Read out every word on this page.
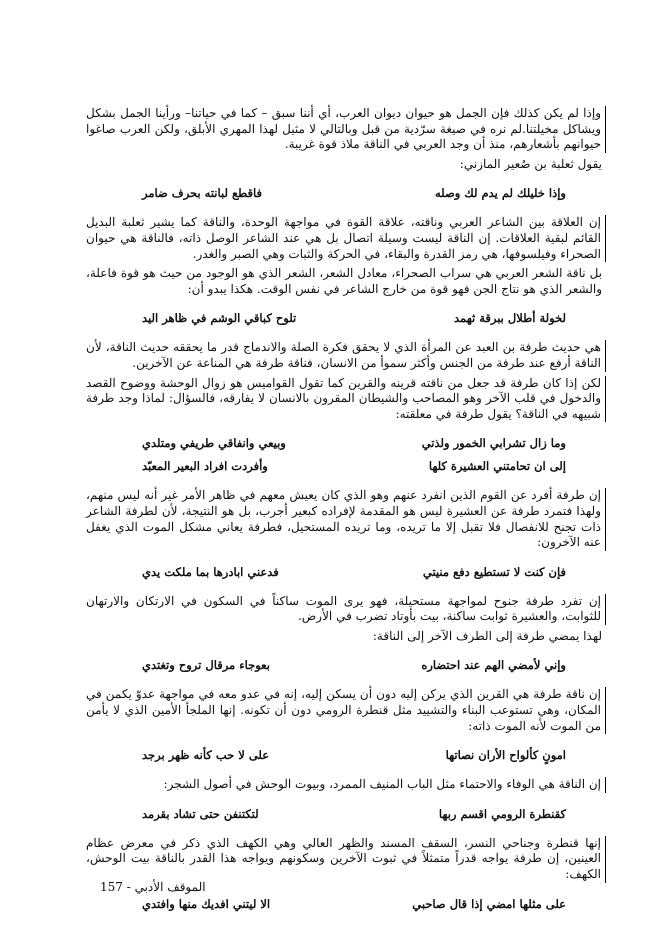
وإذا لم يكن كذلك فإن الجمل هو حيوان ديوان العرب، أي أننا سبق – كما في حياتنا– ورأينا الجمل بشكل ويشاكل مخيلتنا.لم نره في صيغة سرّدية من قبل وبالتالي لا مثيل لهذا المهري الأبلق، ولكن العرب صاغوا حيوانهم بأشعارهم، منذ أن وجد العربي في الناقة ملاذ قوة غريبة.

يقول ثعلبة بن صُعير المازني:

وإذا خليلك لم يدم لك وصله
فاقطع لبانته بحرف ضامر

إن العلاقة بين الشاعر العربي وناقته، علاقة القوة في مواجهة الوحدة، والناقة كما يشير ثعلبة البديل القائم لبقية العلاقات. إن الناقة ليست وسيلة اتصال بل هي عند الشاعر الوصل ذاته، فالناقة هي حيوان الصحراء وفيلسوفها، هي رمز القدرة والبقاء، في الحركة والثبات وهي الصبر والغدر.

بل ناقة الشعر العربي هي سراب الصحراء، معادل الشعر، الشعر الذي هو الوجود من حيث هو قوة فاعلة، والشعر الذي هو نتاج الجن فهو قوة من خارج الشاعر في نفس الوقت. هكذا يبدو أن:

لخولة أطلال ببرقة ثهمد
تلوح كباقي الوشم في ظاهر اليد

هي حديث طرفة بن العبد عن المرأة الذي لا يحقق فكرة الصلة والاندماج قدر ما يحققه حديث الناقة، لأن الناقة أرفع عند طرفة من الجنس وأكثر سموأ من الانسان، فناقة طرفة هي المناعة عن الآخرين.

لكن إذا كان طرفة قد جعل من ناقته قرينه والقرين كما تقول القواميس هو زوال الوحشة ووضوح القصد والدخول في قلب الآخر وهو المصاحب والشيطان المقرون بالانسان لا يفارقه، فالسؤال: لماذا وجد طرفة شبيهه في الناقة؟ يقول طرفة في معلقته:

وما زال تشرابي الخمور ولذتي
وبيعي وانفاقي طريفي ومتلدي
إلى ان تحامتني العشيرة كلها
وأفردت افراد البعير المعبّد

إن طرفة أفرد عن القوم الذين انفرد عنهم وهو الذي كان يعيش معهم في ظاهر الأمر غير أنه ليس منهم، ولهذا فتمرد طرفة عن العشيرة ليس هو المقدمة لإفراده كبعير أجرب، بل هو النتيجة، لأن لطرفة الشاعر ذات تجنح للانفصال فلا تقبل إلا ما تريده، وما تريده المستحيل، فطرفة يعاني مشكل الموت الذي يغفل عنه الآخرون:

فإن كنت لا تستطيع دفع منيتي
فدعني ابادرها بما ملكت يدي

إن تفرد طرفة جنوح لمواجهة مستحيلة، فهو يرى الموت ساكناً في السكون في الارتكان والارتهان للثوابت، والعشيرة ثوابت ساكنة، بيت بأوتاد تضرب في الأرض.

لهذا يمضي طرفة إلى الطرف الآخر إلى الناقة:

وإني لأمضي الهم عند احتضاره
بعوجاء مرقال تروح وتغتدي

إن ناقة طرفة هي القرين الذي يركن إليه دون أن يسكن إليه، إنه في عدو معه في مواجهة عدوّ يكمن في المكان، وهي تستوعب البناء والتشييد مثل قنطرة الرومي دون أن تكونه. إنها الملجأ الأمين الذي لا يأمن من الموت لأنه الموت ذاته:

امونٍ كألواح الأران نصاتها
على لا حب كأنه ظهر برجد

إن الناقة هي الوفاء والاحتماء مثل الباب المنيف الممرد، وبيوت الوحش في أصول الشجر:

كقنطرة الرومي اقسم ربها
لتكتنفن حتى تشاد بقرمد

إنها قنطرة وجناحي النسر، السقف المسند والظهر العالي وهي الكهف الذي ذكر في معرض عظام العينين، إن طرفة يواجه قدراً متمثلاً في ثبوت الآخرين وسكونهم ويواجه هذا القدر بالناقة بيت الوحش، الكهف:

على مثلها امضي إذا قال صاحبي
الا ليتني افديك منها وافتدي
الموقف الأدبي - 157
